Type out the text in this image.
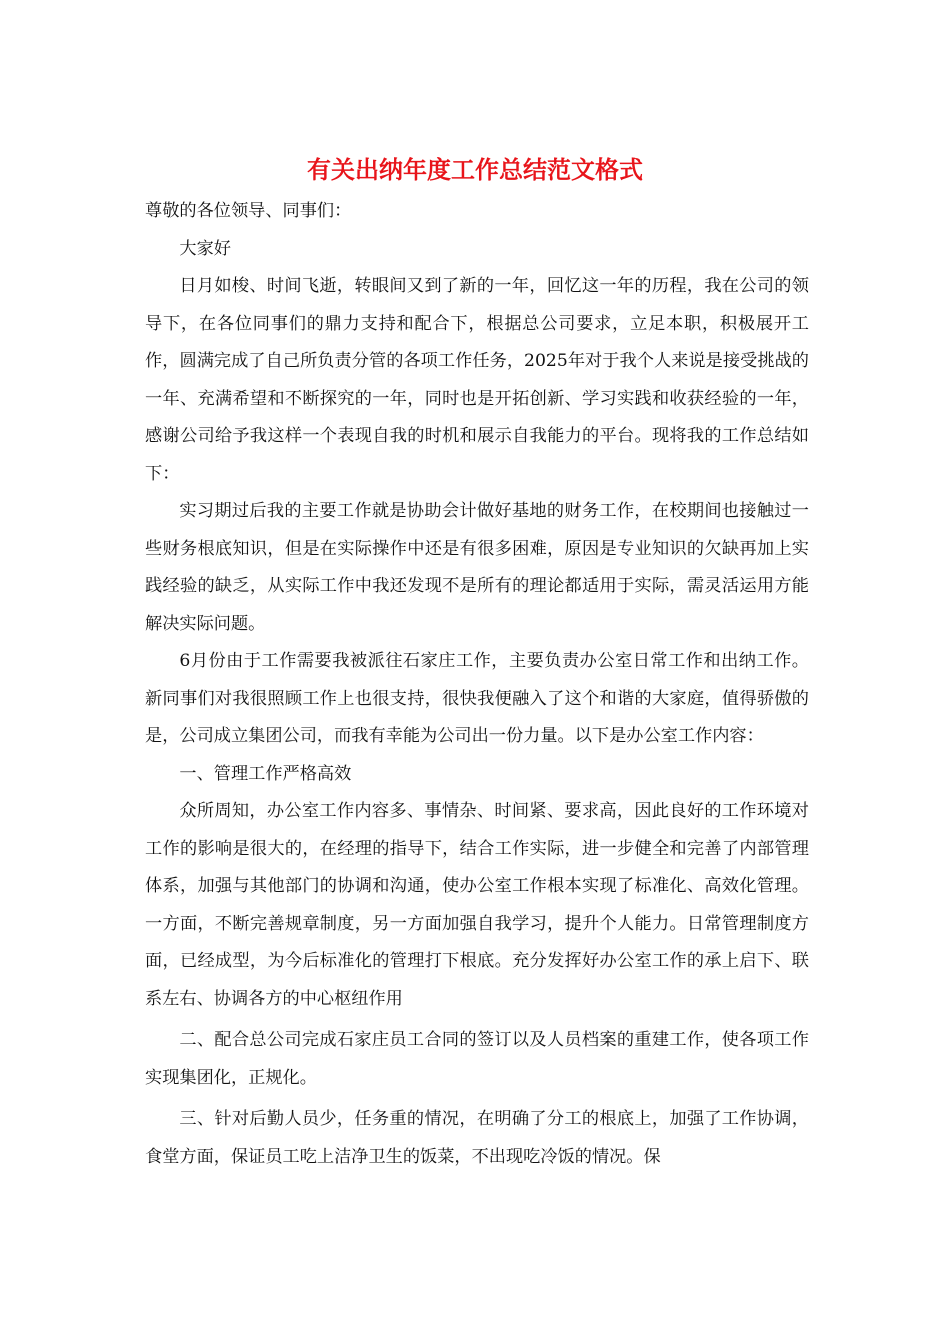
有关出纳年度工作总结范文格式

尊敬的各位领导、同事们：

大家好

日月如梭、时间飞逝，转眼间又到了新的一年，回忆这一年的历程，我在公司的领导下，在各位同事们的鼎力支持和配合下，根据总公司要求，立足本职，积极展开工作，圆满完成了自己所负责分管的各项工作任务，2025年对于我个人来说是接受挑战的一年、充满希望和不断探究的一年，同时也是开拓创新、学习实践和收获经验的一年，感谢公司给予我这样一个表现自我的时机和展示自我能力的平台。现将我的工作总结如下：

实习期过后我的主要工作就是协助会计做好基地的财务工作，在校期间也接触过一些财务根底知识，但是在实际操作中还是有很多困难，原因是专业知识的欠缺再加上实践经验的缺乏，从实际工作中我还发现不是所有的理论都适用于实际，需灵活运用方能解决实际问题。

6月份由于工作需要我被派往石家庄工作，主要负责办公室日常工作和出纳工作。新同事们对我很照顾工作上也很支持，很快我便融入了这个和谐的大家庭，值得骄傲的是，公司成立集团公司，而我有幸能为公司出一份力量。以下是办公室工作内容：

一、管理工作严格高效

众所周知，办公室工作内容多、事情杂、时间紧、要求高，因此良好的工作环境对工作的影响是很大的，在经理的指导下，结合工作实际，进一步健全和完善了内部管理体系，加强与其他部门的协调和沟通，使办公室工作根本实现了标准化、高效化管理。一方面，不断完善规章制度，另一方面加强自我学习，提升个人能力。日常管理制度方面，已经成型，为今后标准化的管理打下根底。充分发挥好办公室工作的承上启下、联系左右、协调各方的中心枢纽作用

二、配合总公司完成石家庄员工合同的签订以及人员档案的重建工作，使各项工作实现集团化，正规化。

三、针对后勤人员少，任务重的情况，在明确了分工的根底上，加强了工作协调，食堂方面，保证员工吃上洁净卫生的饭菜，不出现吃冷饭的情况。保
